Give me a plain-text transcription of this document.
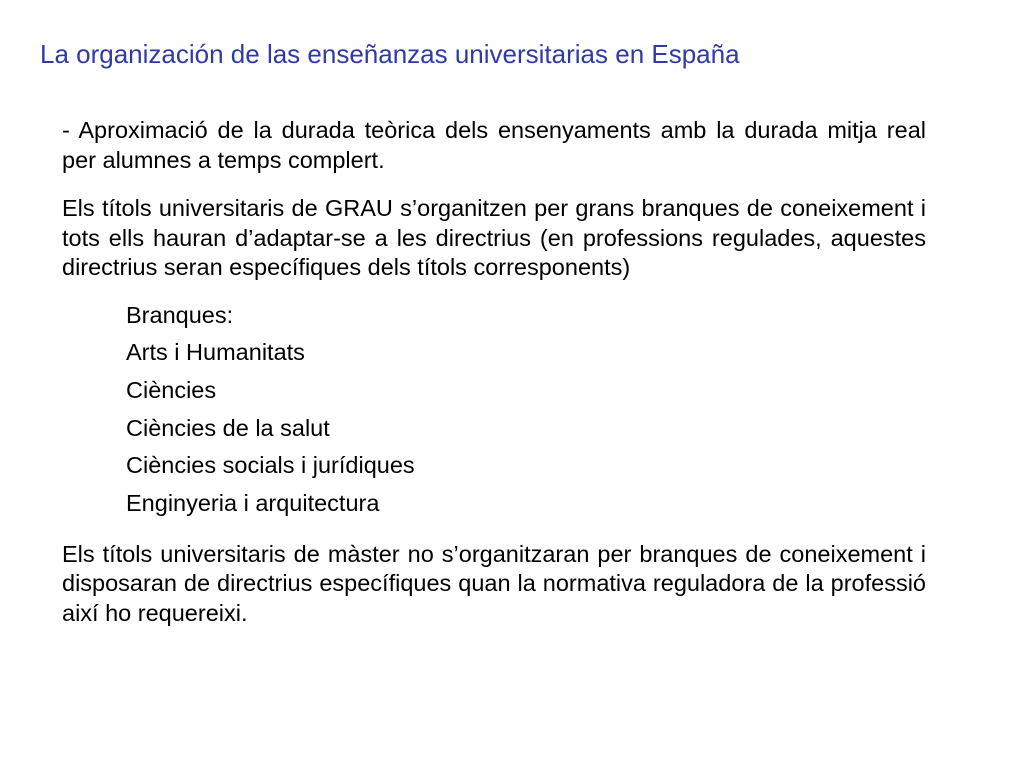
La organización de las enseñanzas universitarias en España

- Aproximació de la durada teòrica dels ensenyaments amb la durada mitja real per alumnes a temps complert.

Els títols universitaris de GRAU s’organitzen per grans branques de coneixement i tots ells hauran d’adaptar-se a les directrius (en professions regulades, aquestes directrius seran específiques dels títols corresponents)

Branques:
Arts i Humanitats
Ciències
Ciències de la salut
Ciències socials i jurídiques
Enginyeria i arquitectura

Els títols universitaris de màster no s’organitzaran per branques de coneixement i disposaran de directrius específiques quan la normativa reguladora de la professió així ho requereixi.
